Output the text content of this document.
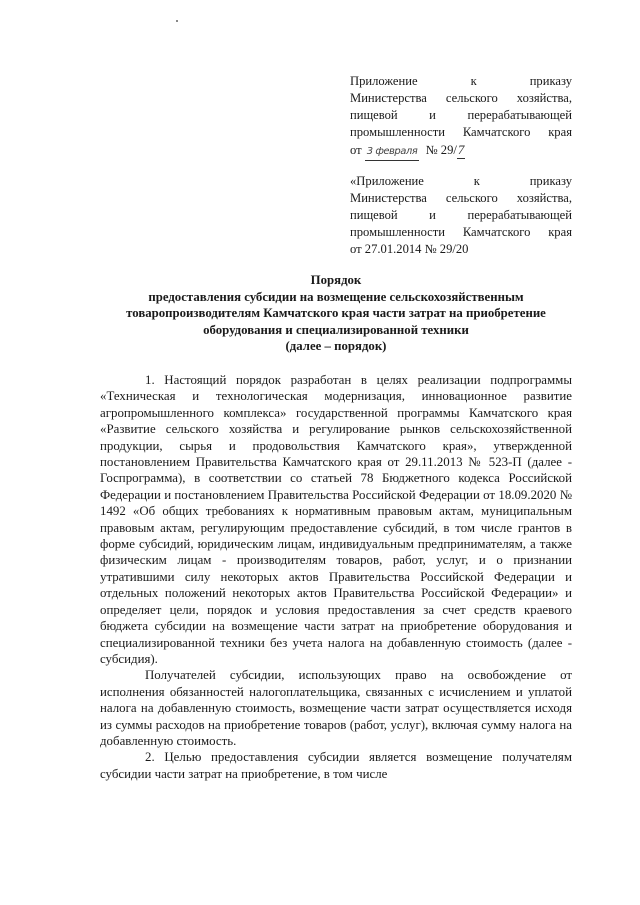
Приложение к приказу

Министерства сельского хозяйства,

пищевой и перерабатывающей

промышленности Камчатского края

от 3 февраля № 29/7

«Приложение к приказу

Министерства сельского хозяйства,

пищевой и перерабатывающей

промышленности Камчатского края

от 27.01.2014 № 29/20

Порядок
предоставления субсидии на возмещение сельскохозяйственным
товаропроизводителям Камчатского края части затрат на приобретение
оборудования и специализированной техники
(далее – порядок)

1. Настоящий порядок разработан в целях реализации подпрограммы «Техническая и технологическая модернизация, инновационное развитие агропромышленного комплекса» государственной программы Камчатского края «Развитие сельского хозяйства и регулирование рынков сельскохозяйственной продукции, сырья и продовольствия Камчатского края», утвержденной постановлением Правительства Камчатского края от 29.11.2013 № 523-П (далее - Госпрограмма), в соответствии со статьей 78 Бюджетного кодекса Российской Федерации и постановлением Правительства Российской Федерации от 18.09.2020 № 1492 «Об общих требованиях к нормативным правовым актам, муниципальным правовым актам, регулирующим предоставление субсидий, в том числе грантов в форме субсидий, юридическим лицам, индивидуальным предпринимателям, а также физическим лицам - производителям товаров, работ, услуг, и о признании утратившими силу некоторых актов Правительства Российской Федерации и отдельных положений некоторых актов Правительства Российской Федерации» и определяет цели, порядок и условия предоставления за счет средств краевого бюджета субсидии на возмещение части затрат на приобретение оборудования и специализированной техники без учета налога на добавленную стоимость (далее - субсидия).

Получателей субсидии, использующих право на освобождение от исполнения обязанностей налогоплательщика, связанных с исчислением и уплатой налога на добавленную стоимость, возмещение части затрат осуществляется исходя из суммы расходов на приобретение товаров (работ, услуг), включая сумму налога на добавленную стоимость.

2. Целью предоставления субсидии является возмещение получателям субсидии части затрат на приобретение, в том числе
